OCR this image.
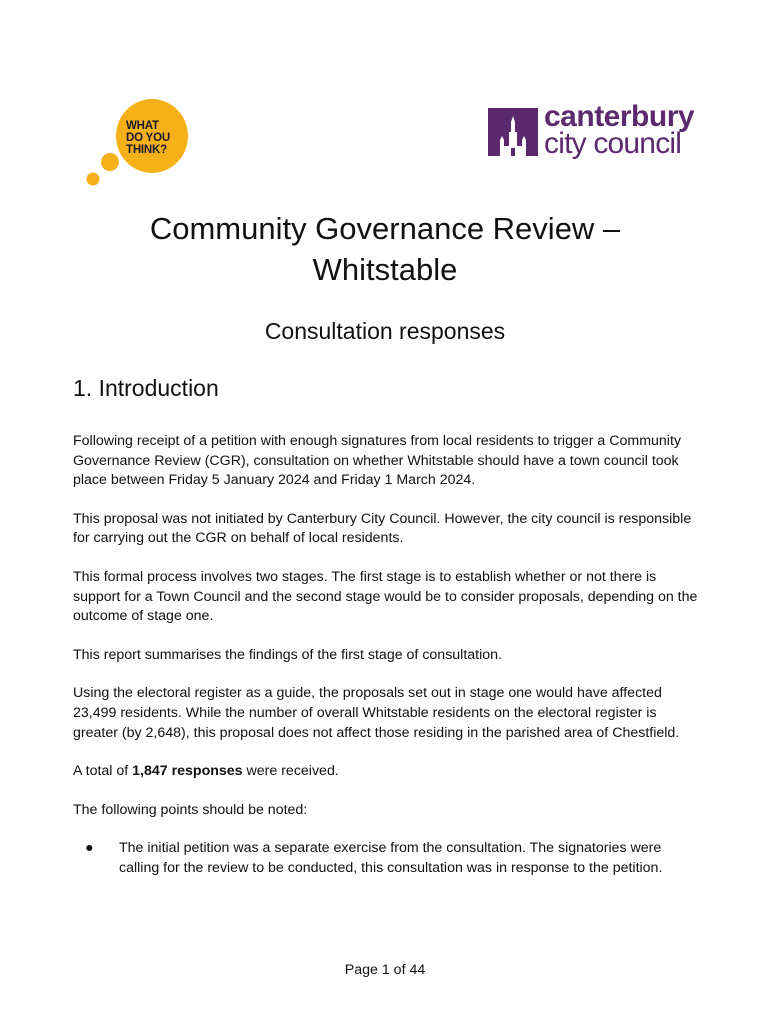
WHAT
DO YOU
THINK?
canterbury
city council
Community Governance Review –
Whitstable
Consultation responses
1. Introduction

Following receipt of a petition with enough signatures from local residents to trigger a Community Governance Review (CGR), consultation on whether Whitstable should have a town council took place between Friday 5 January 2024 and Friday 1 March 2024.

This proposal was not initiated by Canterbury City Council. However, the city council is responsible for carrying out the CGR on behalf of local residents.

This formal process involves two stages. The first stage is to establish whether or not there is support for a Town Council and the second stage would be to consider proposals, depending on the outcome of stage one.

This report summarises the findings of the first stage of consultation.

Using the electoral register as a guide, the proposals set out in stage one would have affected 23,499 residents. While the number of overall Whitstable residents on the electoral register is greater (by 2,648), this proposal does not affect those residing in the parished area of Chestfield.

A total of 1,847 responses were received.

The following points should be noted:

● The initial petition was a separate exercise from the consultation. The signatories were calling for the review to be conducted, this consultation was in response to the petition.
Page 1 of 44
